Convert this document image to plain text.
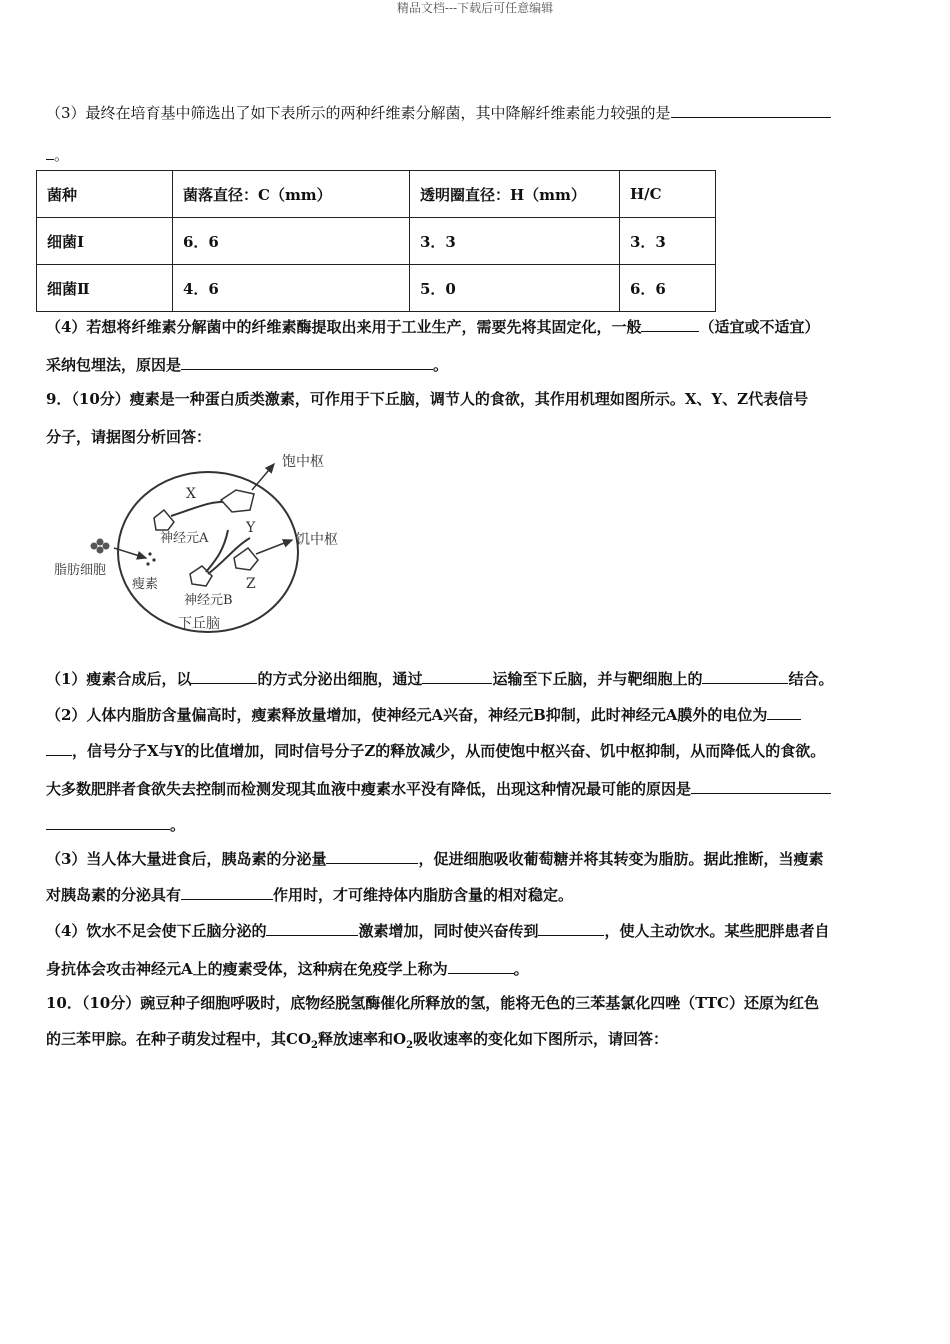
精品文档---下载后可任意编辑
（3）最终在培育基中筛选出了如下表所示的两种纤维素分解菌，其中降解纤维素能力较强的是
。
菌种	菌落直径：C（mm）	透明圈直径：H（mm）	H/C
细菌Ⅰ	6．6	3．3	3．3
细菌Ⅱ	4．6	5．0	6．6
（4）若想将纤维素分解菌中的纤维素酶提取出来用于工业生产，需要先将其固定化，一般	（适宜或不适宜）
采纳包埋法，原因是	。
9．（10分）瘦素是一种蛋白质类激素，可作用于下丘脑，调节人的食欲，其作用机理如图所示。X、Y、Z代表信号
分子，请据图分析回答：
脂肪细胞
瘦素
神经元A
神经元B
饱中枢
饥中枢
X
Y
Z
下丘脑
（1）瘦素合成后，以	的方式分泌出细胞，通过	运输至下丘脑，并与靶细胞上的	结合。
（2）人体内脂肪含量偏高时，瘦素释放量增加，使神经元A兴奋，神经元B抑制，此时神经元A膜外的电位为
，信号分子X与Y的比值增加，同时信号分子Z的释放减少，从而使饱中枢兴奋、饥中枢抑制，从而降低人的食欲。
大多数肥胖者食欲失去控制而检测发现其血液中瘦素水平没有降低，出现这种情况最可能的原因是
。
（3）当人体大量进食后，胰岛素的分泌量	，促进细胞吸收葡萄糖并将其转变为脂肪。据此推断，当瘦素
对胰岛素的分泌具有	作用时，才可维持体内脂肪含量的相对稳定。
（4）饮水不足会使下丘脑分泌的	激素增加，同时使兴奋传到	，使人主动饮水。某些肥胖患者自
身抗体会攻击神经元A上的瘦素受体，这种病在免疫学上称为	。
10．（10分）豌豆种子细胞呼吸时，底物经脱氢酶催化所释放的氢，能将无色的三苯基氯化四唑（TTC）还原为红色
的三苯甲腙。在种子萌发过程中，其$CO_2$释放速率和$O_2$吸收速率的变化如下图所示，请回答：
